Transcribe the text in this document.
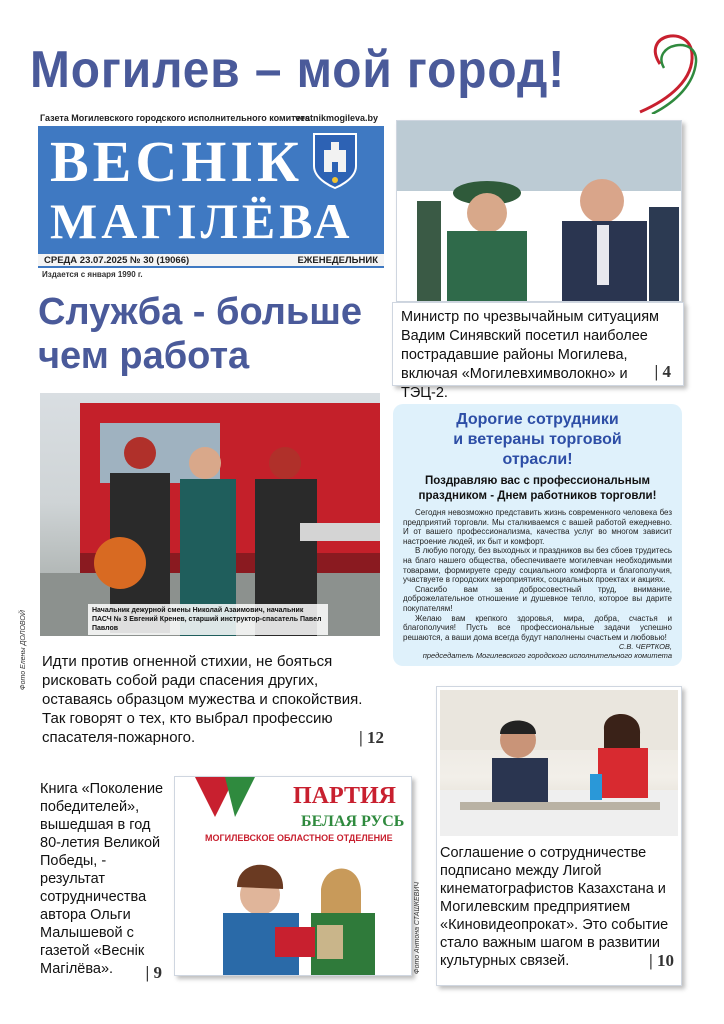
Могилев – мой город!
Газета Могилевского городского исполнительного комитета
vestnikmogileva.by
ВЕСНIК
МАГIЛЁВА
СРЕДА 23.07.2025 № 30 (19066)	ЕЖЕНЕДЕЛЬНИК
Издается с января 1990 г.
Служба - больше
чем работа
Министр по чрезвычайным ситуациям Вадим Синявский посетил наиболее пострадавшие районы Могилева, включая «Могилевхимволокно» и ТЭЦ-2.
| 4
Дорогие сотрудники
и ветераны торговой
отрасли!
Поздравляю вас с профессиональным праздником - Днем работников торговли!

Сегодня невозможно представить жизнь современного человека без предприятий торговли. Мы сталкиваемся с вашей работой ежедневно. И от вашего профессионализма, качества услуг во многом зависит настроение людей, их быт и комфорт.

В любую погоду, без выходных и праздников вы без сбоев трудитесь на благо нашего общества, обеспечиваете могилевчан необходимыми товарами, формируете среду социального комфорта и благополучия, участвуете в городских мероприятиях, социальных проектах и акциях.

Спасибо вам за добросовестный труд, внимание, доброжелательное отношение и душевное тепло, которое вы дарите покупателям!

Желаю вам крепкого здоровья, мира, добра, счастья и благополучия! Пусть все профессиональные задачи успешно решаются, а ваши дома всегда будут наполнены счастьем и любовью!

С.В. ЧЕРТКОВ,
председатель Могилевского городского исполнительного комитета
Начальник дежурной смены Николай Азаимович, начальник ПАСЧ № 3 Евгений Кренев, старший инструктор-спасатель Павел Павлов
Фото Елены ДОЛОВОЙ Идти против огненной стихии, не бояться рисковать собой ради спасения других, оставаясь образцом мужества и спокойствия. Так говорят о тех, кто выбрал профессию спасателя-пожарного.	| 12
Книга «Поколение победителей», вышедшая в год 80-летия Великой Победы, - результат сотрудничества автора Ольги Малышевой с газетой «Веснік Магілёва». | 9
ПАРТИЯ
БЕЛАЯ РУСЬ
МОГИЛЕВСКОЕ ОБЛАСТНОЕ ОТДЕЛЕНИЕ
Фото Антона СТАШКЕВИЧ
Соглашение о сотрудничестве подписано между Лигой кинематографистов Казахстана и Могилевским предприятием «Киновидеопрокат». Это событие стало важным шагом в развитии культурных связей.	| 10
